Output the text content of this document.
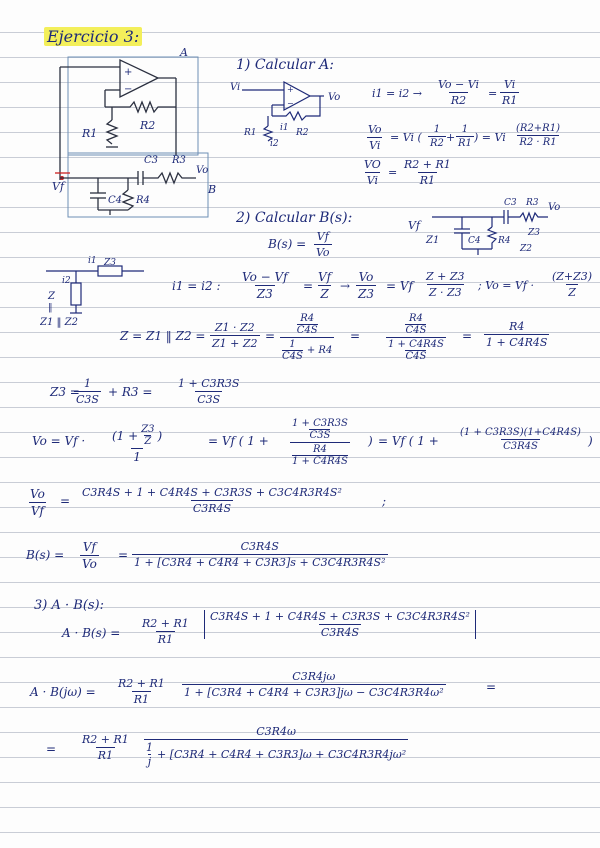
Ejercicio 3:
A
B
+
−
R2
R1
C3 R3
Vo
C4 R4
Vf
1) Calcular A:
Vi	+
−
Vo
R1	i1 R2
i2
$i1 = i2 \to \frac{Vo - Vi}{R2} = \frac{Vi}{R1}$
$\frac{Vo}{Vi} = Vi$ ( $\frac{1}{R2} + \frac{1}{R1}$ ) = Vi $\frac{(R2+R1)}{R2 \cdot R1}$
$\frac{VO}{Vi} = \frac{R2 + R1}{R1}$
2) Calcular B(s):
$B(s) = \frac{Vf}{Vo}$
Vf
C3 R3 Vo
Z3
C4 R4
Z1
Z2
i1 Z3
i2
Z
‖
Z1 ‖ Z2
i1 = i2 : $\frac{Vo - Vf}{Z3} = \frac{Vf}{Z} \to \frac{Vo}{Z3} = Vf \frac{Z + Z3}{Z \cdot Z3}$ ; $Vo = Vf \cdot \frac{(Z+Z3)}{Z}$
Z = Z1 ‖ $Z2 = \frac{Z1 \cdot Z2}{Z1 + Z2} = R4$
C4S
1
C4S
+ R4 =	R4
C4S
1 + C4R4S
$C4S = \frac{R4}{1 + C4R4S}$
Z3 =
$\frac{1}{C3S} + R3 = \frac{1 + C3R3S}{C3S}$
$Vo = Vf \cdot \frac{(1 + \frac{Z3}{Z} )}{1}$	= Vf ( 1 + 1 + C3R3S
C3S
R4
1 + C4R4S ) = Vf ( $1 + \frac{(1 + C3R3S)(1+C4R4S)}{C3R4S}$ )
$\frac{Vo}{Vf} = \frac{\text{C3R4S + 1 + C4R4S + C3R3S + C3C4R3R4S²}}{C3R4S}$	;
$B(s) = \frac{Vf}{Vo} = \frac{C3R4S}{\text{1 + [C3R4 + C4R4 + C3R3]s + C3C4R3R4S²}}$
3) A · B(s):
$A \cdot B(s) = \frac{R2 + R1}{R1} \frac{\text{C3R4S + 1 + C4R4S + C3R3S + C3C4R3R4S²}}{C3R4S}$
$A \cdot B(j\omega) = \frac{R2 + R1}{R1} \frac{C3R4j\omega}{\text{1 + [C3R4 + C4R4 + C3R3]jω − C3C4R3R4ω²}}$	=
= $\frac{R2 + R1}{R1}$
C3R4ω
1
j
+ [C3R4 + C4R4 + C3R3]ω + C3C4R3R4jω²
